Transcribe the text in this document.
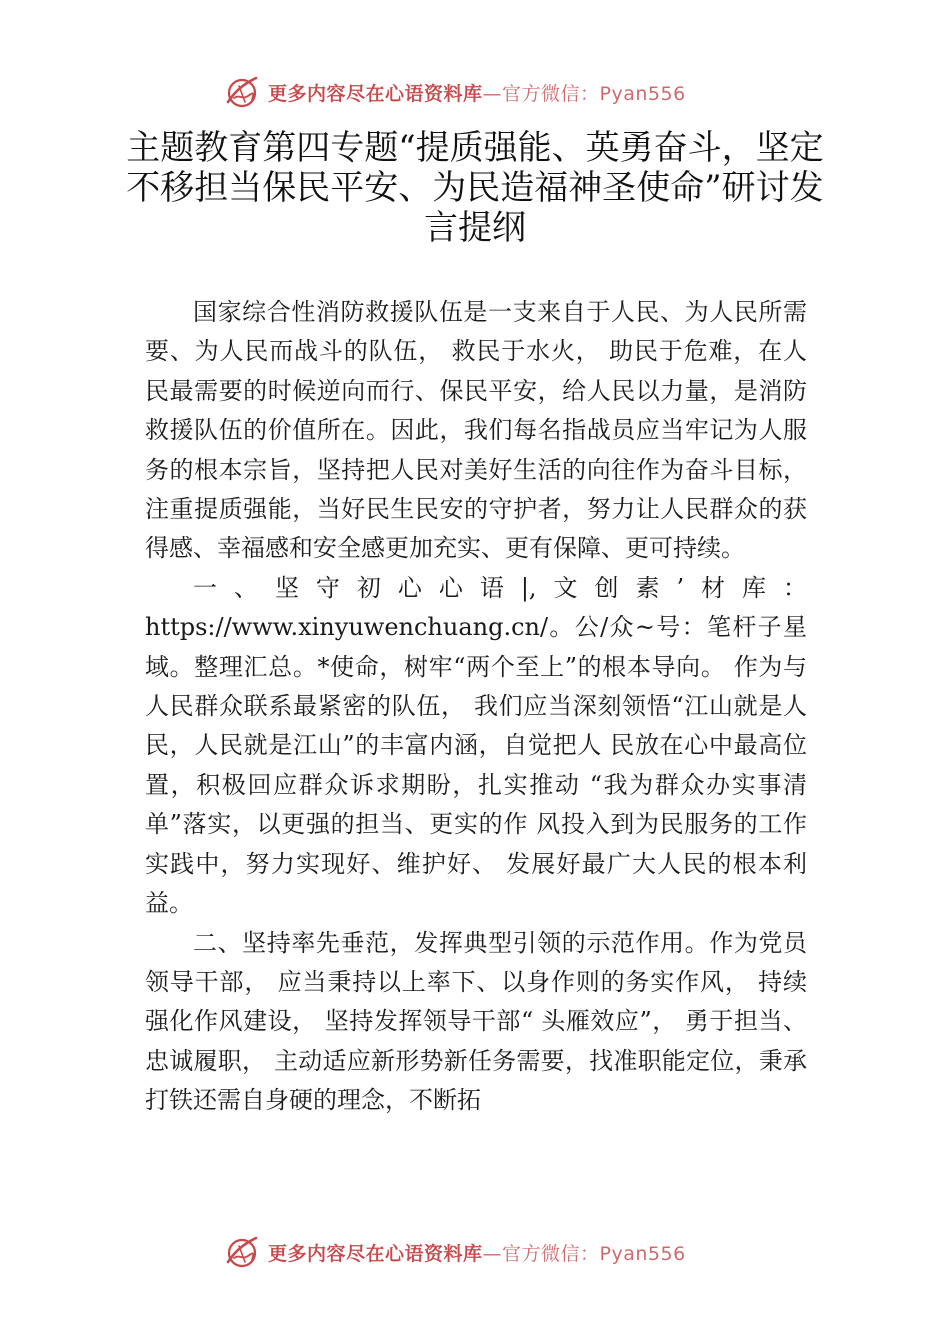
更多内容尽在心语资料库 —官方微信：Pyan556
主题教育第四专题“提质强能、英勇奋斗，坚定不移担当保民平安、为民造福神圣使命”研讨发言提纲

国家综合性消防救援队伍是一支来自于人民、为人民所需要、为人民而战斗的队伍， 救民于水火， 助民于危难，在人民最需要的时候逆向而行、保民平安，给人民以力量，是消防救援队伍的价值所在。因此，我们每名指战员应当牢记为人服务的根本宗旨，坚持把人民对美好生活的向往作为奋斗目标，注重提质强能，当好民生民安的守护者，努力让人民群众的获得感、幸福感和安全感更加充实、更有保障、更可持续。

一、坚守初心心语|,文创素’材库：https://www.xinyuwenchuang.cn/。公/众~号：笔杆子星域。整理汇总。*使命，树牢“两个至上”的根本导向。 作为与人民群众联系最紧密的队伍， 我们应当深刻领悟“江山就是人民，人民就是江山”的丰富内涵，自觉把人 民放在心中最高位置，积极回应群众诉求期盼，扎实推动 “我为群众办实事清单”落实，以更强的担当、更实的作 风投入到为民服务的工作实践中，努力实现好、维护好、 发展好最广大人民的根本利益。

二、坚持率先垂范，发挥典型引领的示范作用。作为党员领导干部， 应当秉持以上率下、以身作则的务实作风， 持续强化作风建设， 坚持发挥领导干部“ 头雁效应”， 勇于担当、忠诚履职， 主动适应新形势新任务需要，找准职能定位，秉承打铁还需自身硬的理念，不断拓

更多内容尽在心语资料库 —官方微信：Pyan556
